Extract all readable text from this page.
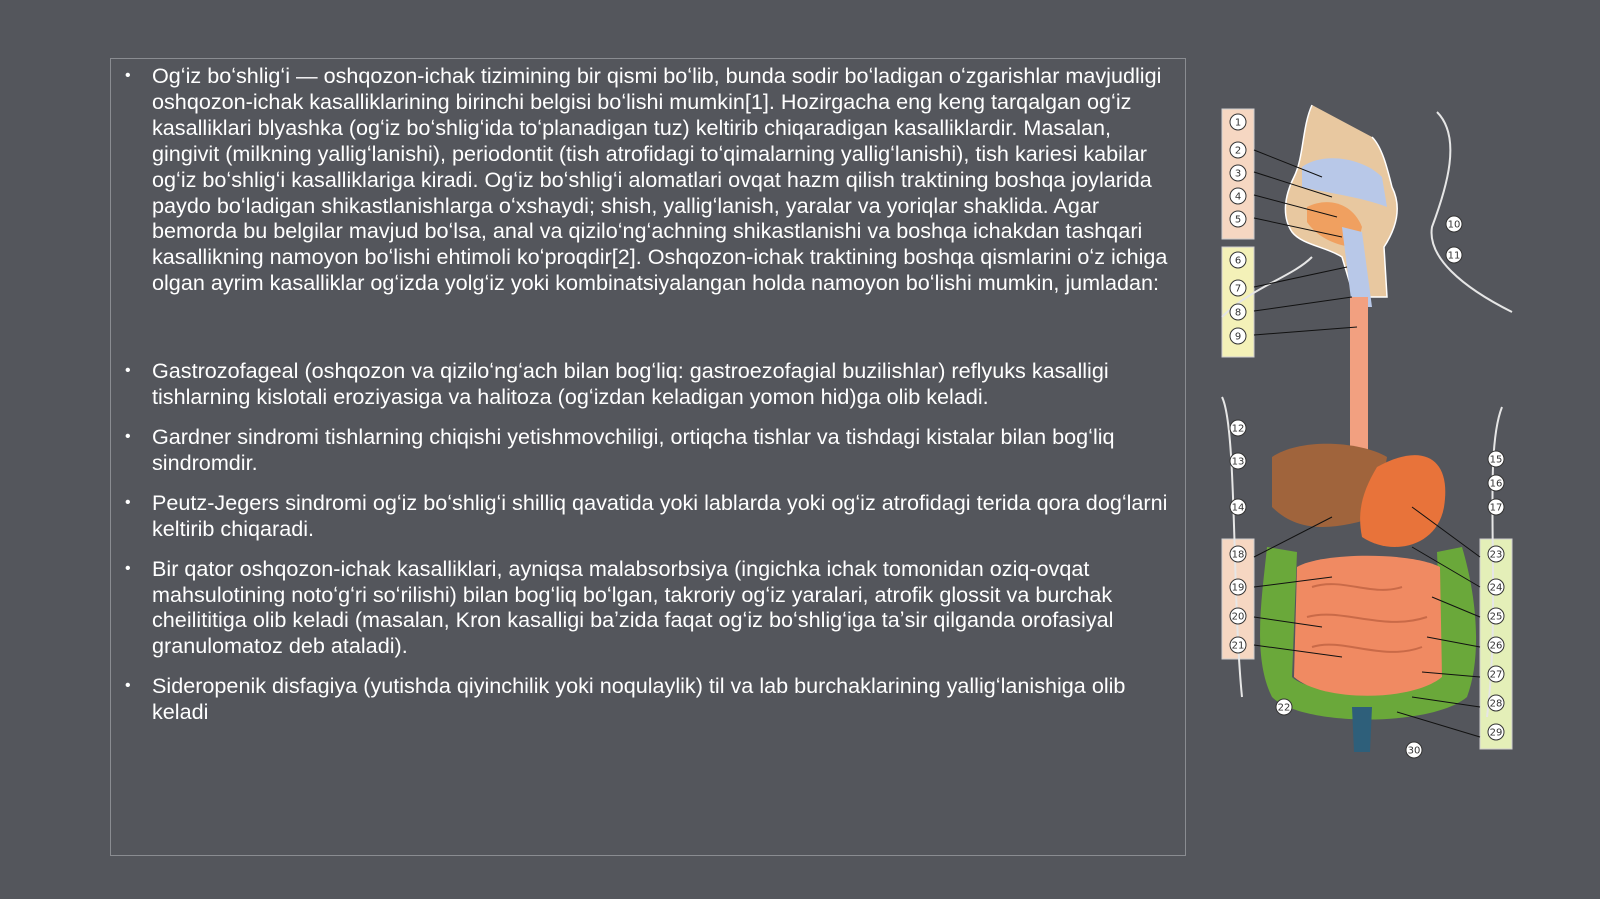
• Ogʻiz boʻshligʻi — oshqozon-ichak tizimining bir qismi boʻlib, bunda sodir boʻladigan oʻzgarishlar mavjudligi oshqozon-ichak kasalliklarining birinchi belgisi boʻlishi mumkin[1]. Hozirgacha eng keng tarqalgan ogʻiz kasalliklari blyashka (ogʻiz boʻshligʻida toʻplanadigan tuz) keltirib chiqaradigan kasalliklardir. Masalan, gingivit (milkning yalligʻlanishi), periodontit (tish atrofidagi toʻqimalarning yalligʻlanishi), tish kariesi kabilar ogʻiz boʻshligʻi kasalliklariga kiradi. Ogʻiz boʻshligʻi alomatlari ovqat hazm qilish traktining boshqa joylarida paydo boʻladigan shikastlanishlarga oʻxshaydi; shish, yalligʻlanish, yaralar va yoriqlar shaklida. Agar bemorda bu belgilar mavjud boʻlsa, anal va qiziloʻngʻachning shikastlanishi va boshqa ichakdan tashqari kasallikning namoyon boʻlishi ehtimoli koʻproqdir[2]. Oshqozon-ichak traktining boshqa qismlarini oʻz ichiga olgan ayrim kasalliklar ogʻizda yolgʻiz yoki kombinatsiyalangan holda namoyon boʻlishi mumkin, jumladan:
• Gastrozofageal (oshqozon va qiziloʻngʻach bilan bogʻliq: gastroezofagial buzilishlar) reflyuks kasalligi tishlarning kislotali eroziyasiga va halitoza (ogʻizdan keladigan yomon hid)ga olib keladi.
• Gardner sindromi tishlarning chiqishi yetishmovchiligi, ortiqcha tishlar va tishdagi kistalar bilan bogʻliq sindromdir.
• Peutz-Jegers sindromi ogʻiz boʻshligʻi shilliq qavatida yoki lablarda yoki ogʻiz atrofidagi terida qora dogʻlarni keltirib chiqaradi.
• Bir qator oshqozon-ichak kasalliklari, ayniqsa malabsorbsiya (ingichka ichak tomonidan oziq-ovqat mahsulotining notoʻgʻri soʻrilishi) bilan bogʻliq boʻlgan, takroriy ogʻiz yaralari, atrofik glossit va burchak cheilititiga olib keladi (masalan, Kron kasalligi baʼzida faqat ogʻiz boʻshligʻiga taʼsir qilganda orofasiyal granulomatoz deb ataladi).
• Sideropenik disfagiya (yutishda qiyinchilik yoki noqulaylik) til va lab burchaklarining yalligʻlanishiga olib keladi
1
2
3
4
5
6
7
8
9
10
11
12
13
14
15
16
17
18
19
20
21
22
23
24
25
26
27
28
29
30
